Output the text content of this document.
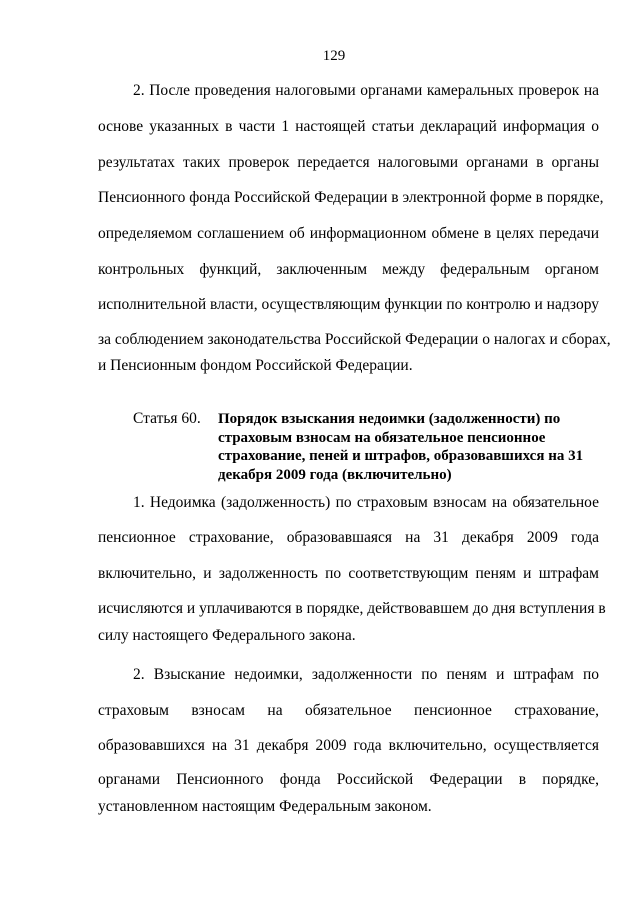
129
2. После проведения налоговыми органами камеральных проверок на
основе указанных в части 1 настоящей статьи деклараций информация о
результатах таких проверок передается налоговыми органами в органы
Пенсионного фонда Российской Федерации в электронной форме в порядке,
определяемом соглашением об информационном обмене в целях передачи
контрольных функций, заключенным между федеральным органом
исполнительной власти, осуществляющим функции по контролю и надзору
за соблюдением законодательства Российской Федерации о налогах и сборах,
и Пенсионным фондом Российской Федерации.
Статья 60. Порядок взыскания недоимки (задолженности) по
страховым взносам на обязательное пенсионное
страхование, пеней и штрафов, образовавшихся на 31
декабря 2009 года (включительно)
1. Недоимка (задолженность) по страховым взносам на обязательное
пенсионное страхование, образовавшаяся на 31 декабря 2009 года
включительно, и задолженность по соответствующим пеням и штрафам
исчисляются и уплачиваются в порядке, действовавшем до дня вступления в
силу настоящего Федерального закона.
2. Взыскание недоимки, задолженности по пеням и штрафам по
страховым взносам на обязательное пенсионное страхование,
образовавшихся на 31 декабря 2009 года включительно, осуществляется
органами Пенсионного фонда Российской Федерации в порядке,
установленном настоящим Федеральным законом.
